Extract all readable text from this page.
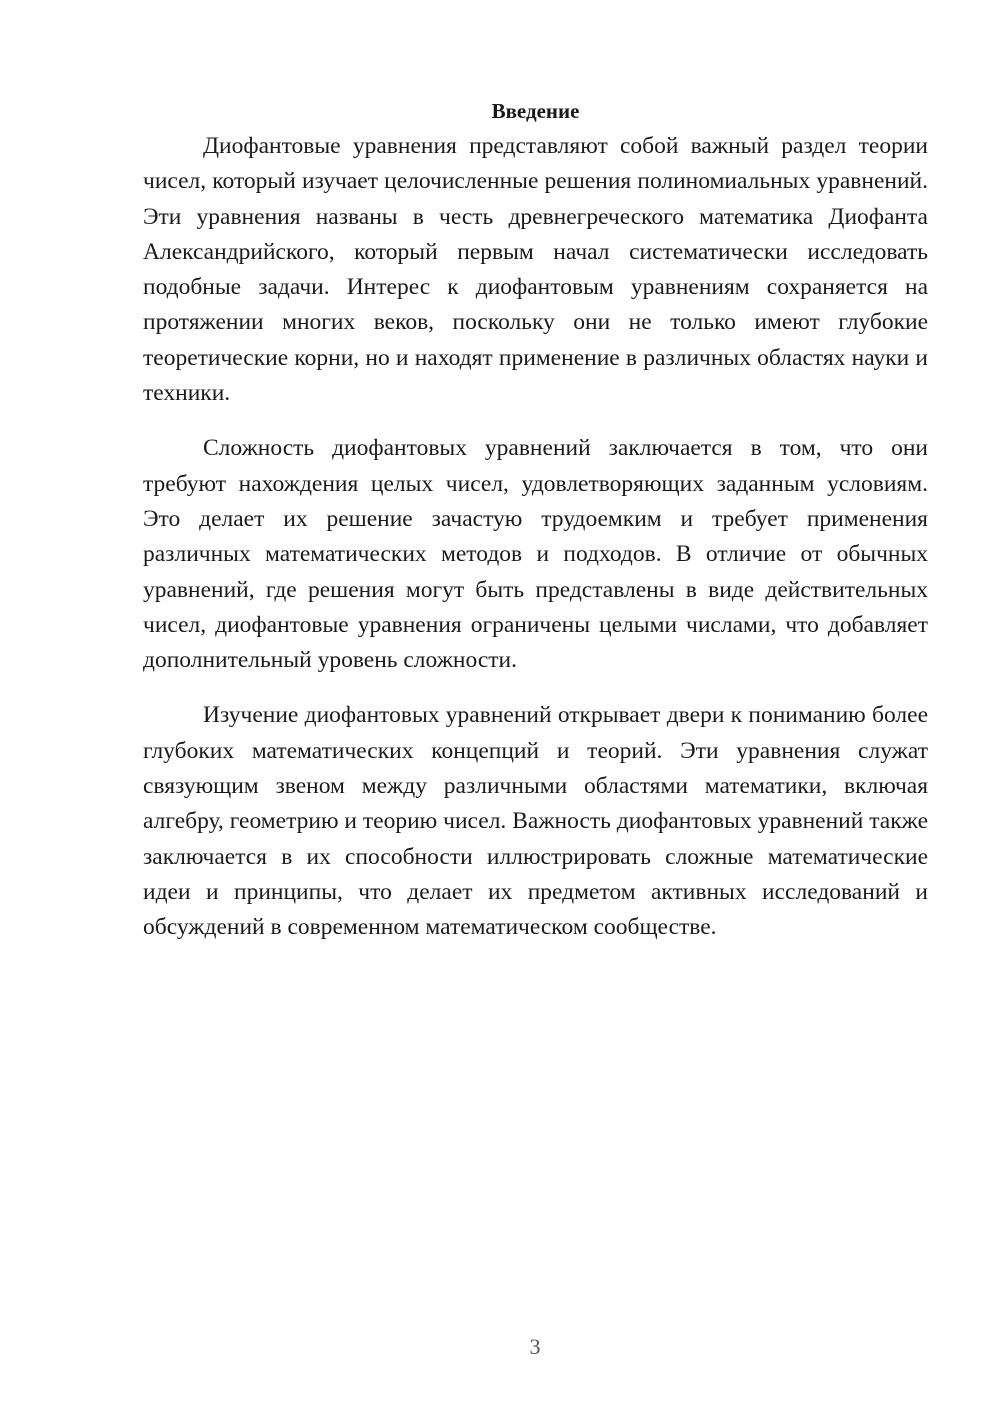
Введение

Диофантовые уравнения представляют собой важный раздел теории чисел, который изучает целочисленные решения полиномиальных уравнений. Эти уравнения названы в честь древнегреческого математика Диофанта Александрийского, который первым начал систематически исследовать подобные задачи. Интерес к диофантовым уравнениям сохраняется на протяжении многих веков, поскольку они не только имеют глубокие теоретические корни, но и находят применение в различных областях науки и техники.

Сложность диофантовых уравнений заключается в том, что они требуют нахождения целых чисел, удовлетворяющих заданным условиям. Это делает их решение зачастую трудоемким и требует применения различных математических методов и подходов. В отличие от обычных уравнений, где решения могут быть представлены в виде действительных чисел, диофантовые уравнения ограничены целыми числами, что добавляет дополнительный уровень сложности.

Изучение диофантовых уравнений открывает двери к пониманию более глубоких математических концепций и теорий. Эти уравнения служат связующим звеном между различными областями математики, включая алгебру, геометрию и теорию чисел. Важность диофантовых уравнений также заключается в их способности иллюстрировать сложные математические идеи и принципы, что делает их предметом активных исследований и обсуждений в современном математическом сообществе.

3
